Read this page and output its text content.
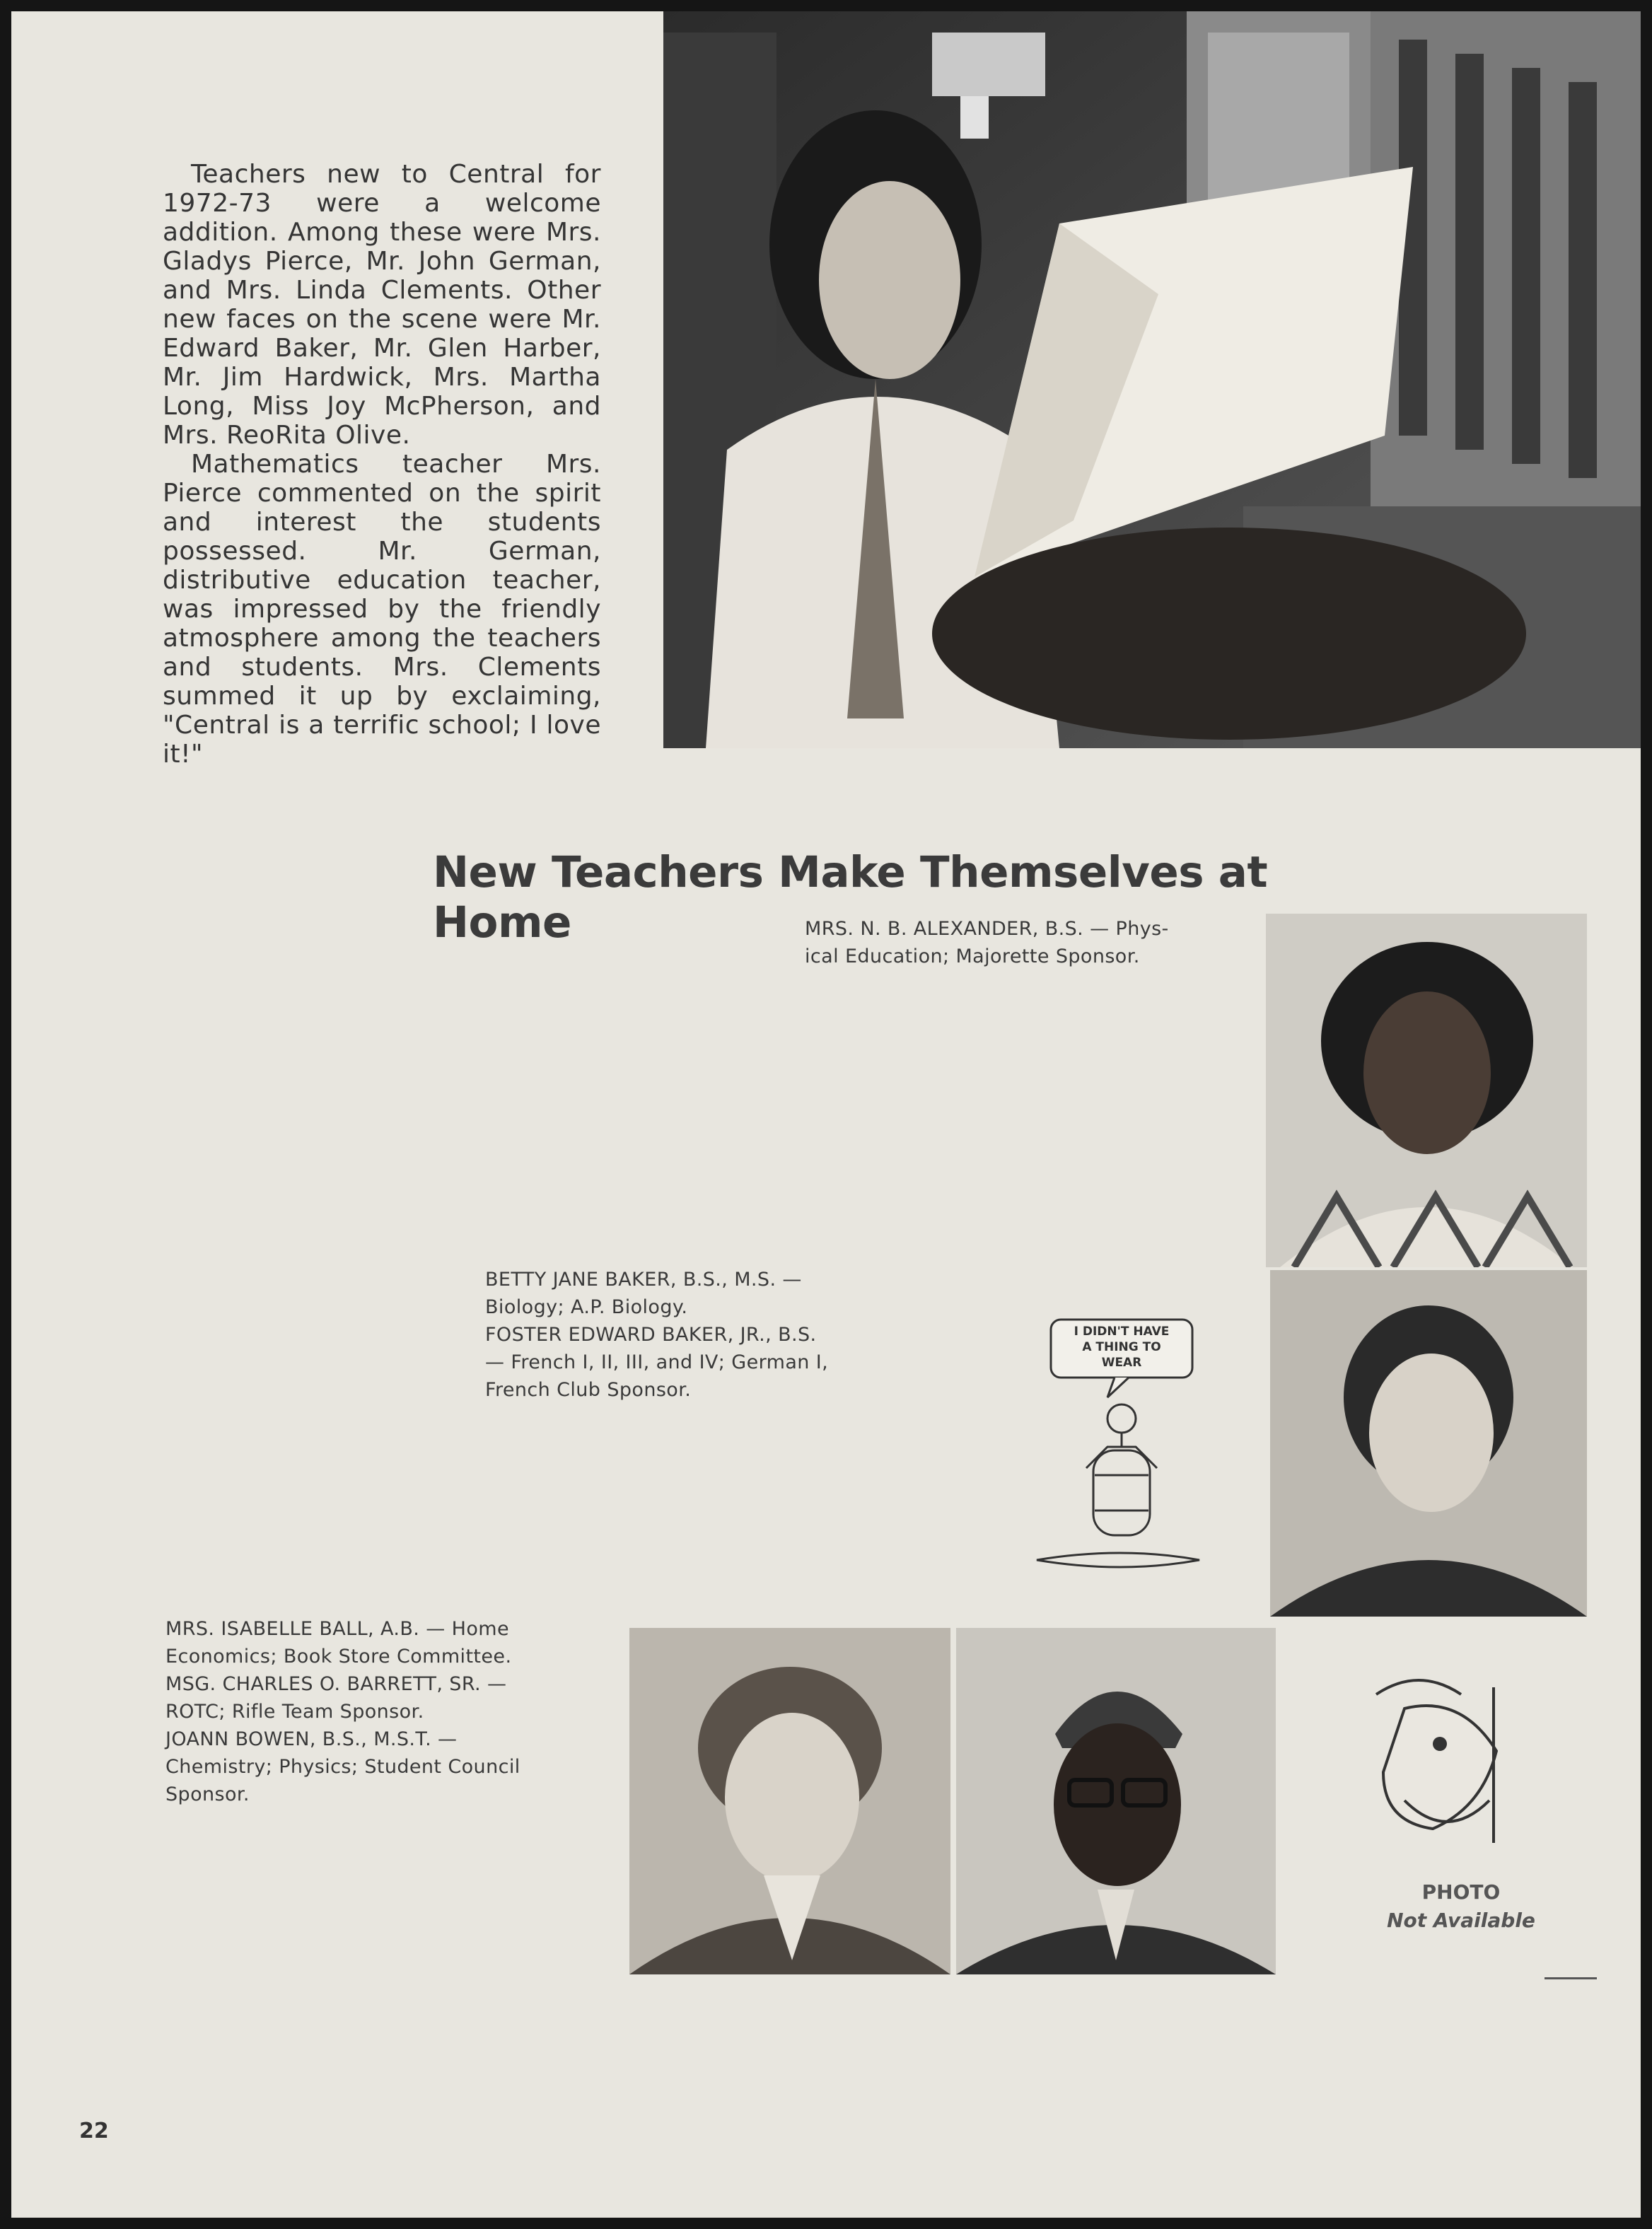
Teachers new to Central for 1972-73 were a welcome addition. Among these were Mrs. Gladys Pierce, Mr. John German, and Mrs. Linda Clements. Other new faces on the scene were Mr. Edward Baker, Mr. Glen Harber, Mr. Jim Hardwick, Mrs. Martha Long, Miss Joy McPherson, and Mrs. ReoRita Olive.

Mathematics teacher Mrs. Pierce commented on the spirit and interest the students possessed. Mr. German, distributive education teacher, was impressed by the friendly atmosphere among the teachers and students. Mrs. Clements summed it up by exclaiming, "Central is a terrific school; I love it!"

New Teachers Make Themselves at Home	MRS. N. B. ALEXANDER, B.S. — Phys-
ical Education; Majorette Sponsor.
BETTY JANE BAKER, B.S., M.S. —
Biology; A.P. Biology.
FOSTER EDWARD BAKER, JR., B.S.
— French I, II, III, and IV; German I,
French Club Sponsor.
I DIDN'T HAVE
A THING TO
WEAR
MRS. ISABELLE BALL, A.B. — Home
Economics; Book Store Committee.
MSG. CHARLES O. BARRETT, SR. —
ROTC; Rifle Team Sponsor.
JOANN BOWEN, B.S., M.S.T. —
Chemistry; Physics; Student Council
Sponsor.
PHOTO
Not Available
22
